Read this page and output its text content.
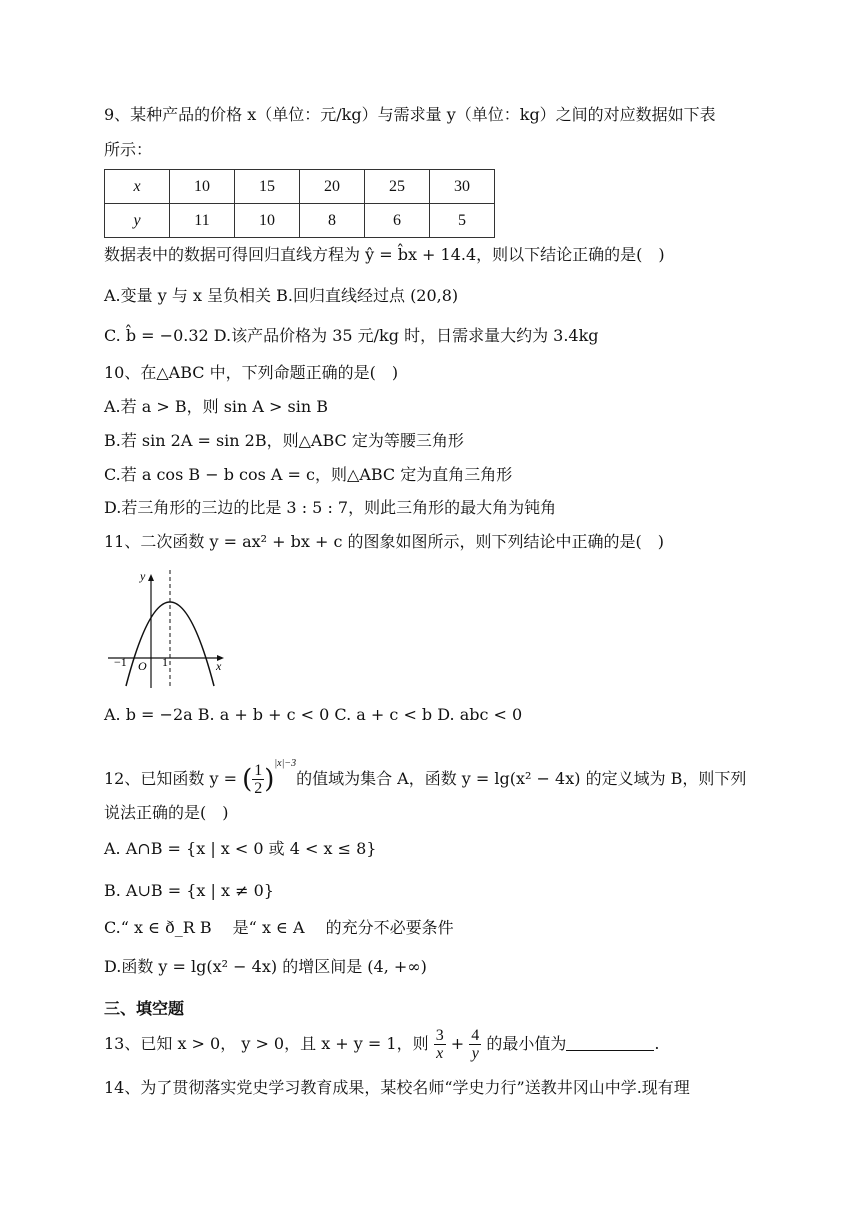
9、某种产品的价格 x（单位：元/kg）与需求量 y（单位：kg）之间的对应数据如下表
所示：
x	10	15	20	25	30
y	11	10	8	6	5
数据表中的数据可得回归直线方程为 ŷ = b̂x + 14.4，则以下结论正确的是(　)
A.变量 y 与 x 呈负相关 B.回归直线经过点 (20,8)
C. b̂ = −0.32 D.该产品价格为 35 元/kg 时，日需求量大约为 3.4kg
10、在△ABC 中，下列命题正确的是(　)
A.若 a > B，则 sin A > sin B
B.若 sin 2A = sin 2B，则△ABC 定为等腰三角形
C.若 a cos B − b cos A = c，则△ABC 定为直角三角形
D.若三角形的三边的比是 3 : 5 : 7，则此三角形的最大角为钝角
11、二次函数 y = ax² + bx + c 的图象如图所示，则下列结论中正确的是(　)
y
x
O
−1	1
A. b = −2a B. a + b + c < 0 C. a + c < b D. abc < 0
12、已知函数 y = ( $\frac{1}{2} )^{|x|-3}$的值域为集合 A，函数 y = lg(x² − 4x) 的定义域为 B，则下列
说法正确的是(　)
A. A∩B = {x | x < 0 或 4 < x ≤ 8}
B. A∪B = {x | x ≠ 0}
C.“ x ∈ ð_R B　 是“ x ∈ A　 的充分不必要条件
D.函数 y = lg(x² − 4x) 的增区间是 (4, +∞)
三、填空题
13、已知 x > 0， y > 0，且 x + y = 1，则 $\frac{3}{x} + \frac{4}{y}$ 的最小值为	.
14、为了贯彻落实党史学习教育成果，某校名师“学史力行”送教井冈山中学.现有理
